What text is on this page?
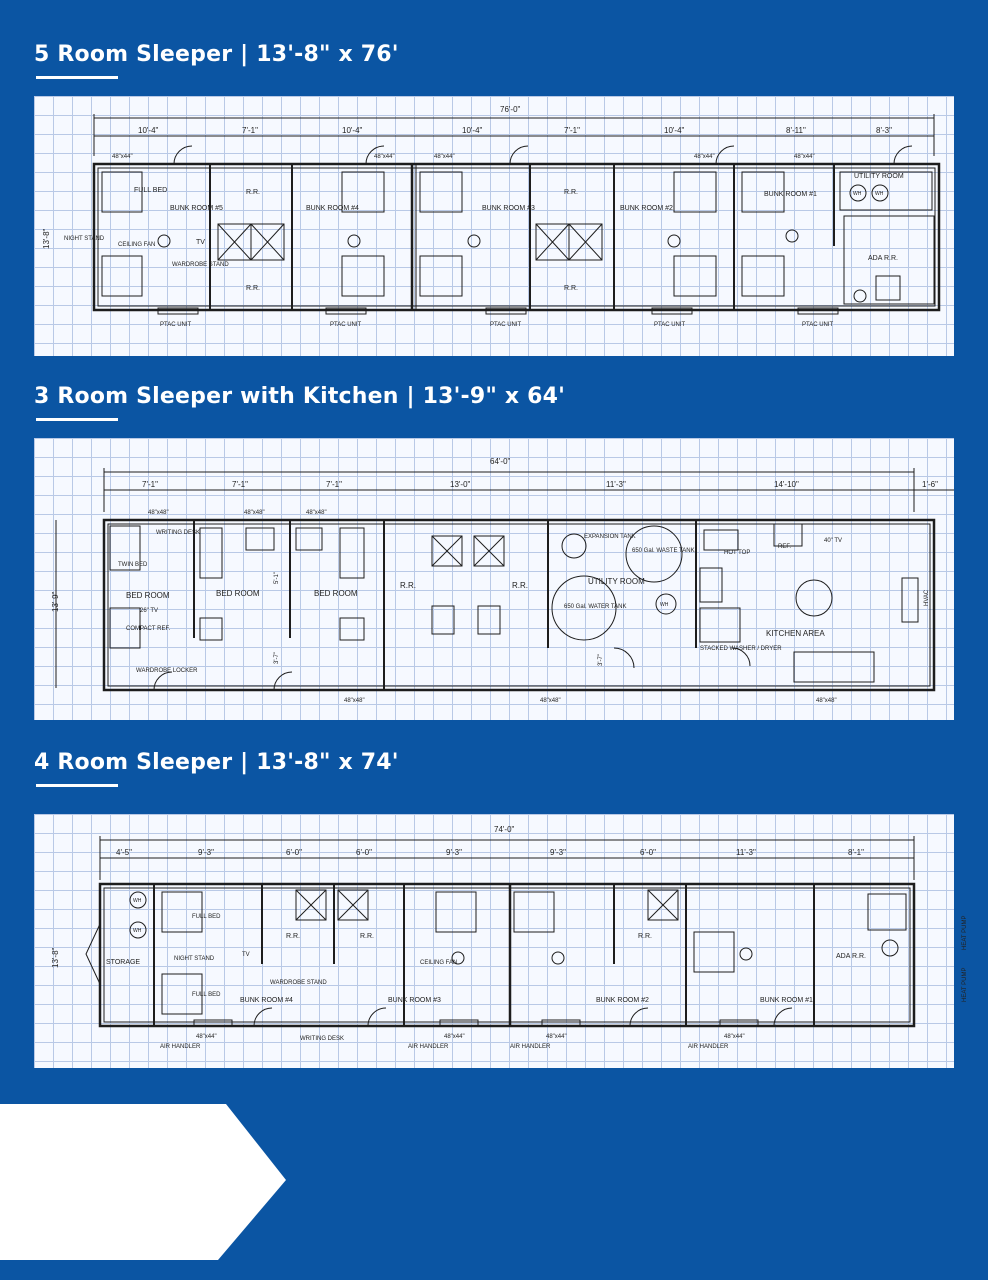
5 Room Sleeper | 13'-8" x 76'
76'-0"
13'-8"
10'-4"	7'-1"	10'-4"	10'-4"	7'-1"	10'-4"	8'-11"	8'-3"
48"x44"	48"x44"	48"x44"	48"x44"	48"x44"
FULL BED
BUNK ROOM #5	BUNK ROOM #4	BUNK ROOM #3	BUNK ROOM #2
BUNK ROOM #1
R.R.
R.R.
R.R.
R.R.
NIGHT STAND
CEILING FAN	TV
WARDROBE STAND
UTILITY ROOM
WH	WH
ADA R.R.
PTAC UNIT	PTAC UNIT	PTAC UNIT	PTAC UNIT	PTAC UNIT
3 Room Sleeper with Kitchen | 13'-9" x 64'
64'-0"
13'-9"
7'-1"	7'-1"	7'-1"	13'-0"	11'-3"	14'-10"	1'-6"
48"x48"	48"x48"	48"x48"
48"x48"	48"x48"	48"x48"
WRITING DESK
TWIN BED
BED ROOM	BED ROOM	BED ROOM
26" TV
COMPACT REF.
WARDROBE LOCKER
R.R.	R.R.
EXPANSION TANK
650 Gal. WASTE TANK
UTILITY ROOM
650 Gal. WATER TANK	WH
HOT TOP
REF.
40" TV
STACKED WASHER / DRYER
KITCHEN AREA
HVAC
3'-7"	3'-7"
5'-1"
4 Room Sleeper | 13'-8" x 74'
74'-0"
13'-8"
4'-5"	9'-3"	6'-0"	6'-0"	9'-3"	9'-3"	6'-0"	11'-3"	8'-1"
WH
WH
STORAGE
FULL BED
FULL BED
NIGHT STAND
TV
R.R.	R.R.	R.R.
WARDROBE STAND
BUNK ROOM #4	BUNK ROOM #3	BUNK ROOM #2	BUNK ROOM #1
WRITING DESK
CEILING FAN
AIR HANDLER	AIR HANDLER	AIR HANDLER	AIR HANDLER
48"x44"	48"x44"	48"x44"	48"x44"
ADA R.R.
HEAT PUMP
HEAT PUMP
